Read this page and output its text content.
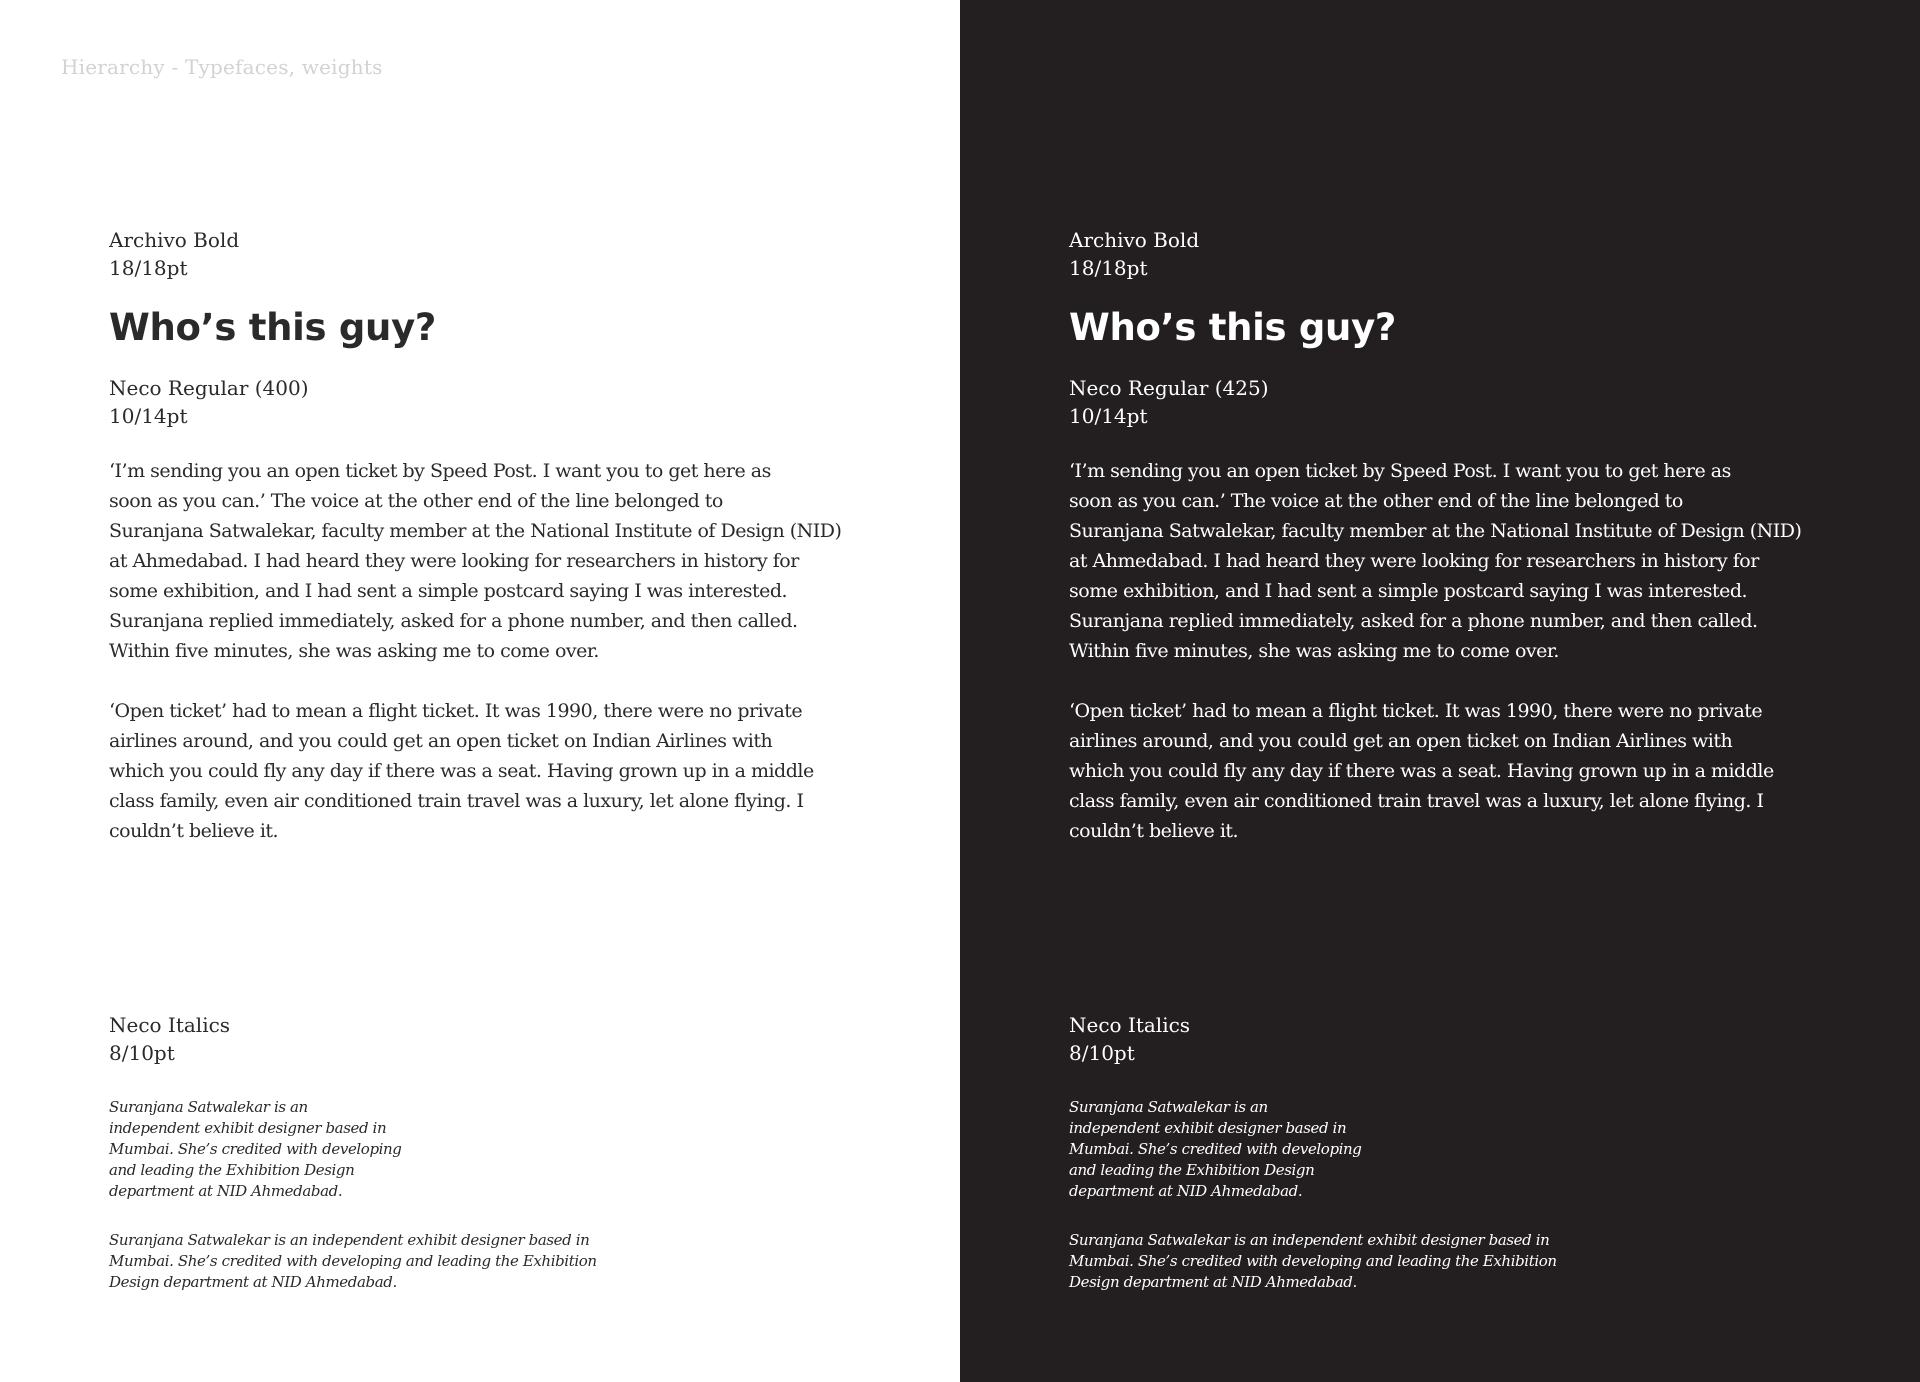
Hierarchy - Typefaces, weights

Archivo Bold

18/18pt

Who’s this guy?

Neco Regular (400)

10/14pt

‘I’m sending you an open ticket by Speed Post. I want you to get here as
soon as you can.’ The voice at the other end of the line belonged to
Suranjana Satwalekar, faculty member at the National Institute of Design (NID)
at Ahmedabad. I had heard they were looking for researchers in history for
some exhibition, and I had sent a simple postcard saying I was interested.
Suranjana replied immediately, asked for a phone number, and then called.
Within five minutes, she was asking me to come over.

‘Open ticket’ had to mean a flight ticket. It was 1990, there were no private
airlines around, and you could get an open ticket on Indian Airlines with
which you could fly any day if there was a seat. Having grown up in a middle
class family, even air conditioned train travel was a luxury, let alone flying. I
couldn’t believe it.

Neco Italics

8/10pt

Suranjana Satwalekar is an
independent exhibit designer based in
Mumbai. She’s credited with developing
and leading the Exhibition Design
department at NID Ahmedabad.

Suranjana Satwalekar is an independent exhibit designer based in
Mumbai. She’s credited with developing and leading the Exhibition
Design department at NID Ahmedabad.

Archivo Bold

18/18pt

Who’s this guy?

Neco Regular (425)

10/14pt

‘I’m sending you an open ticket by Speed Post. I want you to get here as
soon as you can.’ The voice at the other end of the line belonged to
Suranjana Satwalekar, faculty member at the National Institute of Design (NID)
at Ahmedabad. I had heard they were looking for researchers in history for
some exhibition, and I had sent a simple postcard saying I was interested.
Suranjana replied immediately, asked for a phone number, and then called.
Within five minutes, she was asking me to come over.

‘Open ticket’ had to mean a flight ticket. It was 1990, there were no private
airlines around, and you could get an open ticket on Indian Airlines with
which you could fly any day if there was a seat. Having grown up in a middle
class family, even air conditioned train travel was a luxury, let alone flying. I
couldn’t believe it.

Neco Italics

8/10pt

Suranjana Satwalekar is an
independent exhibit designer based in
Mumbai. She’s credited with developing
and leading the Exhibition Design
department at NID Ahmedabad.

Suranjana Satwalekar is an independent exhibit designer based in
Mumbai. She’s credited with developing and leading the Exhibition
Design department at NID Ahmedabad.
